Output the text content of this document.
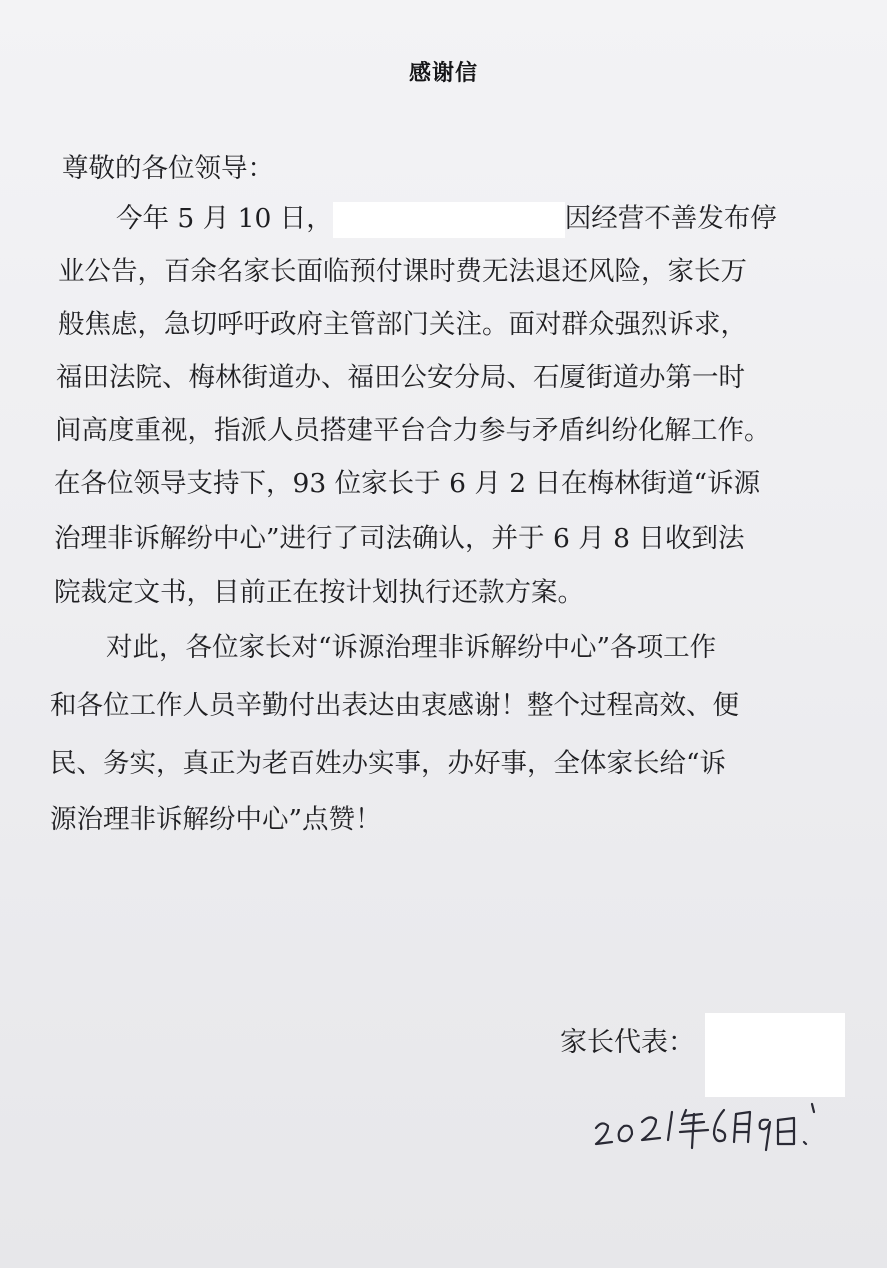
感谢信
尊敬的各位领导：
今年 5 月 10 日，	因经营不善发布停
业公告，百余名家长面临预付课时费无法退还风险，家长万
般焦虑，急切呼吁政府主管部门关注。面对群众强烈诉求，
福田法院、梅林街道办、福田公安分局、石厦街道办第一时
间高度重视，指派人员搭建平台合力参与矛盾纠纷化解工作。
在各位领导支持下，93 位家长于 6 月 2 日在梅林街道“诉源
治理非诉解纷中心”进行了司法确认，并于 6 月 8 日收到法
院裁定文书，目前正在按计划执行还款方案。
对此，各位家长对“诉源治理非诉解纷中心”各项工作
和各位工作人员辛勤付出表达由衷感谢！整个过程高效、便
民、务实，真正为老百姓办实事，办好事，全体家长给“诉
源治理非诉解纷中心”点赞！
家长代表：
